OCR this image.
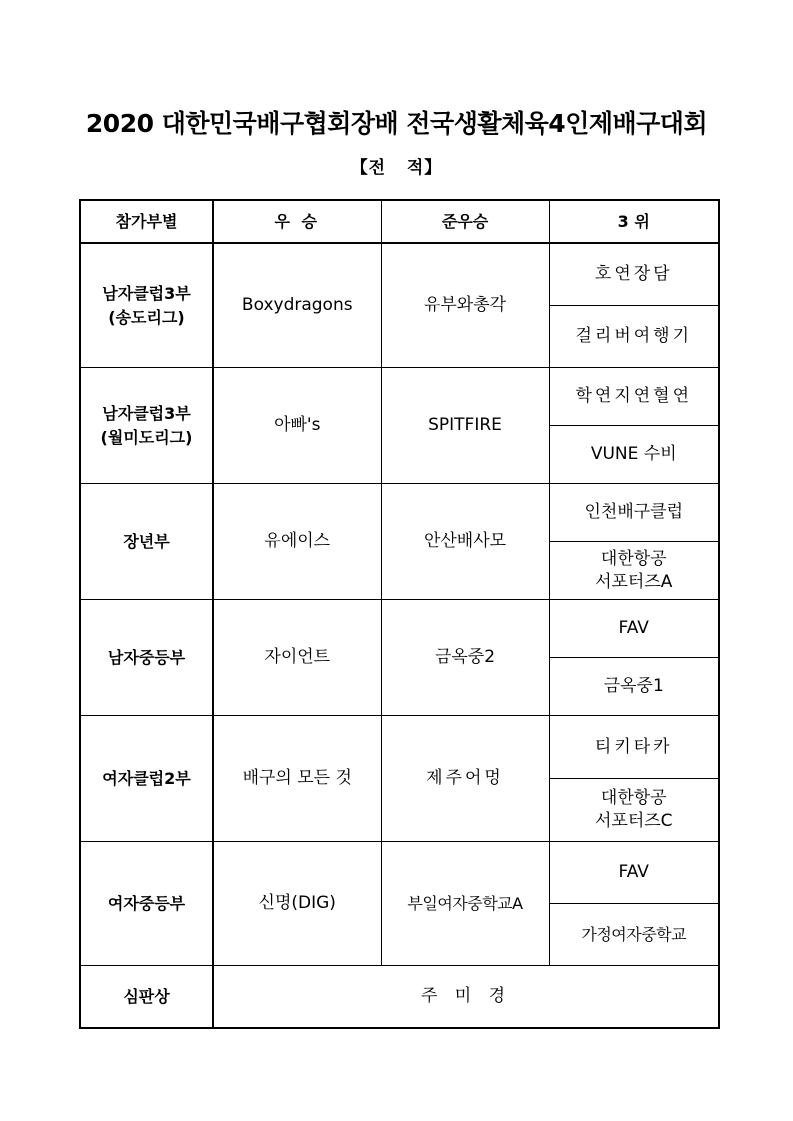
2020 대한민국배구협회장배 전국생활체육4인제배구대회
【전   적】
참가부별	우 승	준우승	3 위
남자클럽3부
(송도리그)	Boxydragons	유부와총각	호연장담
			걸리버여행기
남자클럽3부
(월미도리그)	아빠's	SPITFIRE	학연지연혈연
			VUNE 수비
장년부	유에이스	안산배사모	인천배구클럽
			대한항공
서포터즈A
남자중등부	자이언트	금옥중2	FAV
			금옥중1
여자클럽2부	배구의 모든 것	제주어멍	티키타카
			대한항공
서포터즈C
여자중등부	신명(DIG)	부일여자중학교A	FAV
			가정여자중학교
심판상	주 미 경		
